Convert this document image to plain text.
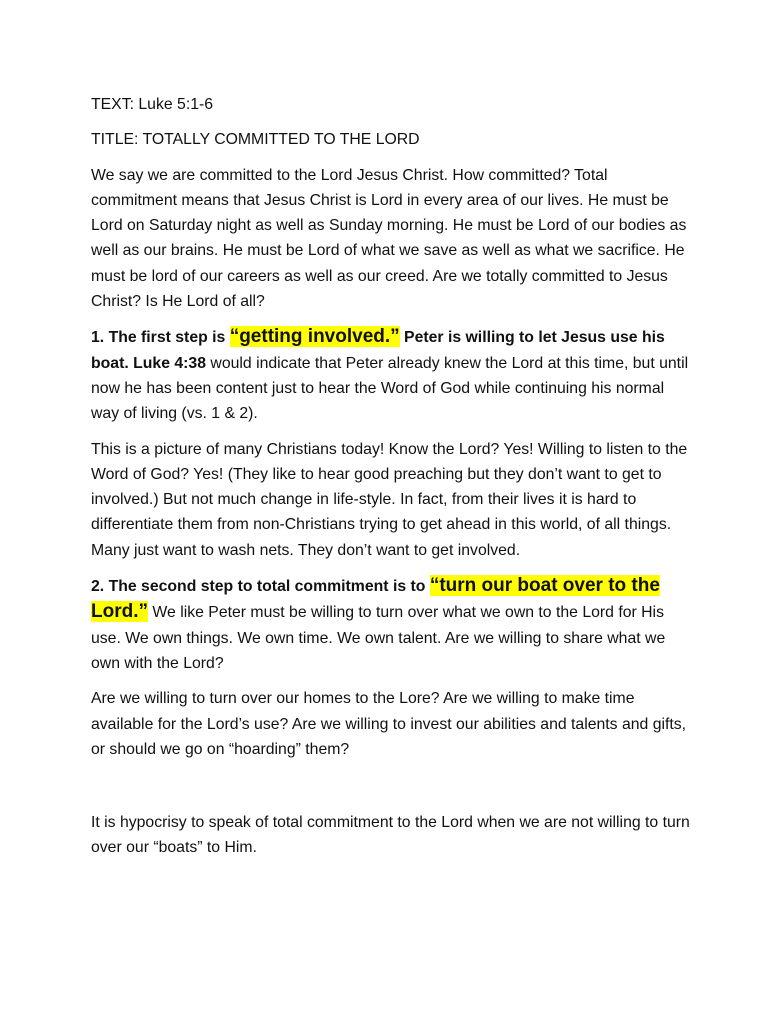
TEXT: Luke 5:1-6

TITLE: TOTALLY COMMITTED TO THE LORD

We say we are committed to the Lord Jesus Christ. How committed? Total commitment means that Jesus Christ is Lord in every area of our lives. He must be Lord on Saturday night as well as Sunday morning. He must be Lord of our bodies as well as our brains. He must be Lord of what we save as well as what we sacrifice. He must be lord of our careers as well as our creed. Are we totally committed to Jesus Christ? Is He Lord of all?

1. The first step is “getting involved.” Peter is willing to let Jesus use his boat. Luke 4:38 would indicate that Peter already knew the Lord at this time, but until now he has been content just to hear the Word of God while continuing his normal way of living (vs. 1 & 2).

This is a picture of many Christians today! Know the Lord? Yes! Willing to listen to the Word of God? Yes! (They like to hear good preaching but they don’t want to get to involved.) But not much change in life-style. In fact, from their lives it is hard to differentiate them from non-Christians trying to get ahead in this world, of all things. Many just want to wash nets. They don’t want to get involved.

2. The second step to total commitment is to “turn our boat over to the Lord.” We like Peter must be willing to turn over what we own to the Lord for His use. We own things. We own time. We own talent. Are we willing to share what we own with the Lord?

Are we willing to turn over our homes to the Lore? Are we willing to make time available for the Lord’s use? Are we willing to invest our abilities and talents and gifts, or should we go on “hoarding” them?

It is hypocrisy to speak of total commitment to the Lord when we are not willing to turn over our “boats” to Him.
